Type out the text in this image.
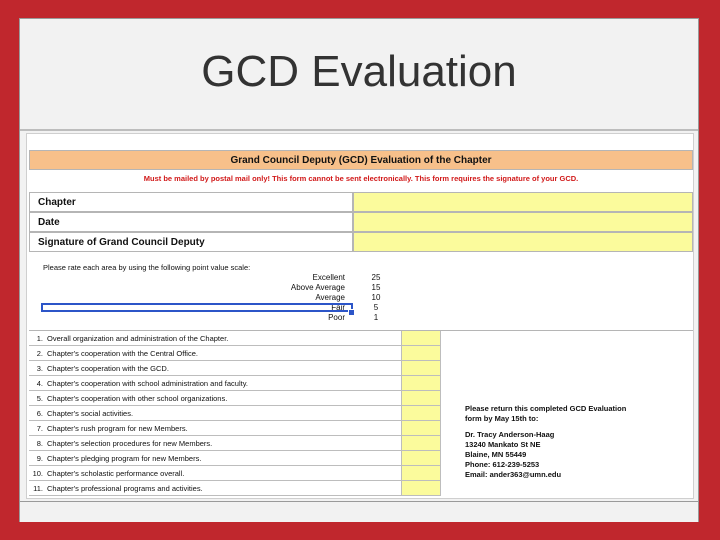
GCD Evaluation
Grand Council Deputy (GCD) Evaluation of the Chapter
Must be mailed by postal mail only! This form cannot be sent electronically. This form requires the signature of your GCD.
Chapter
Date
Signature of Grand Council Deputy
Please rate each area by using the following point value scale:
Excellent	25
Above Average	15
Average	10
Fair	5
Poor	1
1. Overall organization and administration of the Chapter.
2. Chapter's cooperation with the Central Office.
3. Chapter's cooperation with the GCD.
4. Chapter's cooperation with school administration and faculty.
5. Chapter's cooperation with other school organizations.
6. Chapter's social activities.
7. Chapter's rush program for new Members.
8. Chapter's selection procedures for new Members.
9. Chapter's pledging program for new Members.
10. Chapter's scholastic performance overall.
11. Chapter's professional programs and activities.
Please return this completed GCD Evaluation
form by May 15th to:
Dr. Tracy Anderson-Haag
13240 Mankato St NE
Blaine, MN 55449
Phone: 612-239-5253
Email: ander363@umn.edu
